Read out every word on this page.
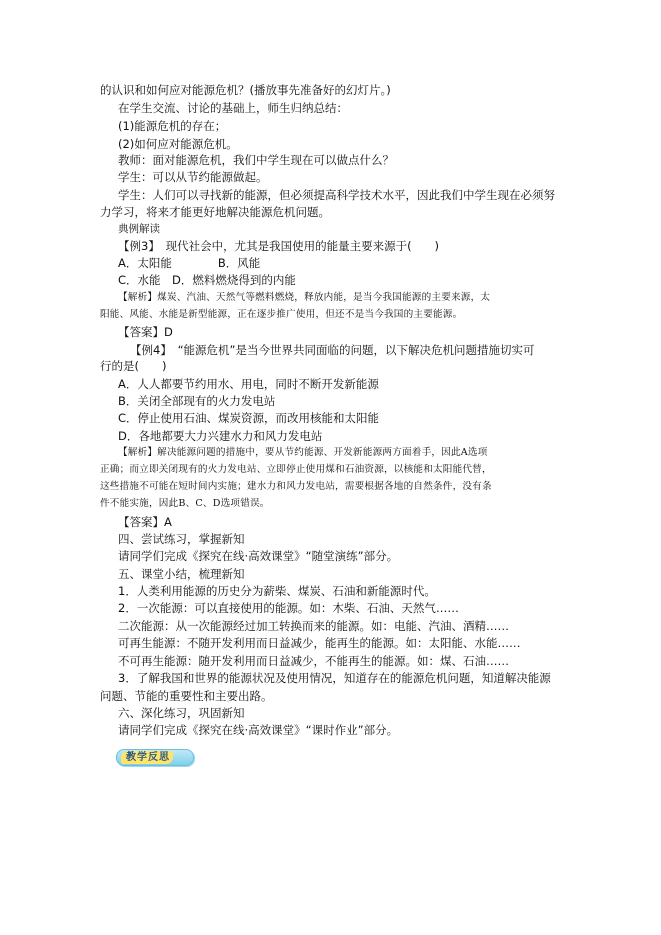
的认识和如何应对能源危机？(播放事先准备好的幻灯片。)
在学生交流、讨论的基础上，师生归纳总结：
(1)能源危机的存在；
(2)如何应对能源危机。
教师：面对能源危机，我们中学生现在可以做点什么？
学生：可以从节约能源做起。
学生：人们可以寻找新的能源，但必须提高科学技术水平，因此我们中学生现在必须努
力学习，将来才能更好地解决能源危机问题。
典例解读
【例3】　现代社会中，尤其是我国使用的能量主要来源于(　　)
A．太阳能　　　　B．风能
C．水能　D．燃料燃烧得到的内能
【解析】煤炭、汽油、天然气等燃料燃烧，释放内能，是当今我国能源的主要来源，太
阳能、风能、水能是新型能源，正在逐步推广使用，但还不是当今我国的主要能源。
【答案】D
【例4】　“能源危机”是当今世界共同面临的问题，以下解决危机问题措施切实可
行的是(　　)
A．人人都要节约用水、用电，同时不断开发新能源
B．关闭全部现有的火力发电站
C．停止使用石油、煤炭资源，而改用核能和太阳能
D．各地都要大力兴建水力和风力发电站
【解析】解决能源问题的措施中，要从节约能源、开发新能源两方面着手，因此A选项
正确；而立即关闭现有的火力发电站、立即停止使用煤和石油资源，以核能和太阳能代替，
这些措施不可能在短时间内实施；建水力和风力发电站，需要根据各地的自然条件，没有条
件不能实施，因此B、C、D选项错误。
【答案】A
四、尝试练习，掌握新知
请同学们完成《探究在线·高效课堂》“随堂演练”部分。
五、课堂小结，梳理新知
1．人类利用能源的历史分为薪柴、煤炭、石油和新能源时代。
2．一次能源：可以直接使用的能源。如：木柴、石油、天然气……
二次能源：从一次能源经过加工转换而来的能源。如：电能、汽油、酒精……
可再生能源：不随开发利用而日益减少，能再生的能源。如：太阳能、水能……
不可再生能源：随开发利用而日益减少，不能再生的能源。如：煤、石油……
3．了解我国和世界的能源状况及使用情况，知道存在的能源危机问题，知道解决能源
问题、节能的重要性和主要出路。
六、深化练习，巩固新知
请同学们完成《探究在线·高效课堂》“课时作业”部分。
教学反思
